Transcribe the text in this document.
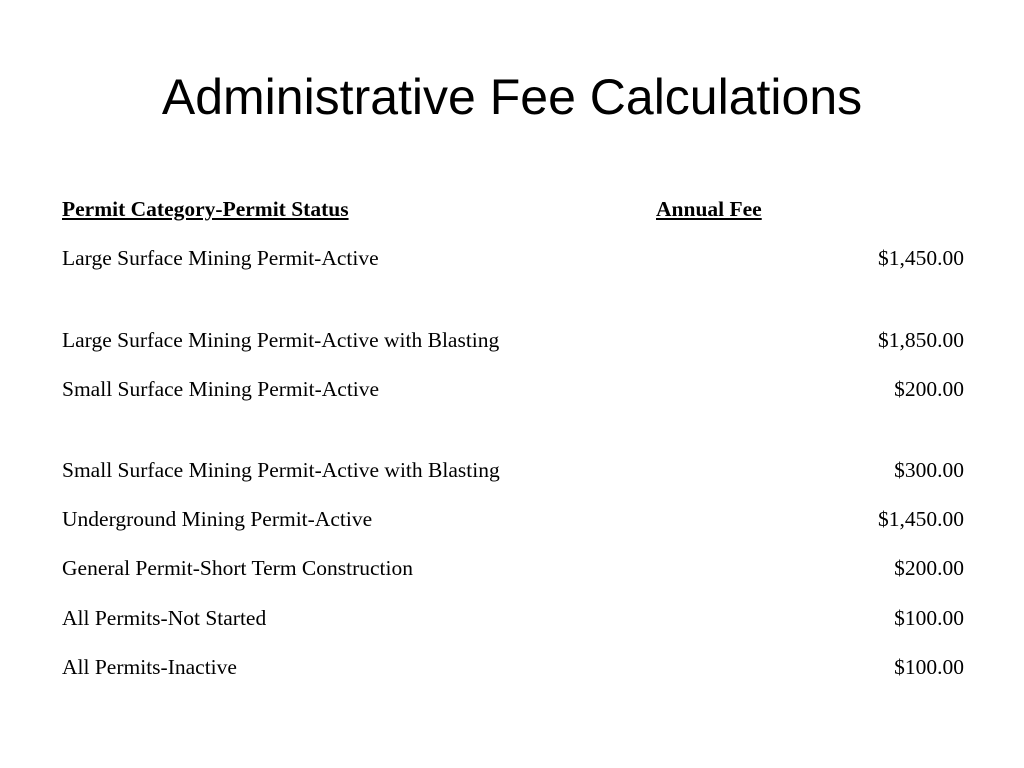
Administrative Fee Calculations
Permit Category-Permit Status	Annual Fee
Large Surface Mining Permit-Active	$1,450.00
Large Surface Mining Permit-Active with Blasting	$1,850.00
Small Surface Mining Permit-Active	$200.00
Small Surface Mining Permit-Active with Blasting	$300.00
Underground Mining Permit-Active	$1,450.00
General Permit-Short Term Construction	$200.00
All Permits-Not Started	$100.00
All Permits-Inactive	$100.00
